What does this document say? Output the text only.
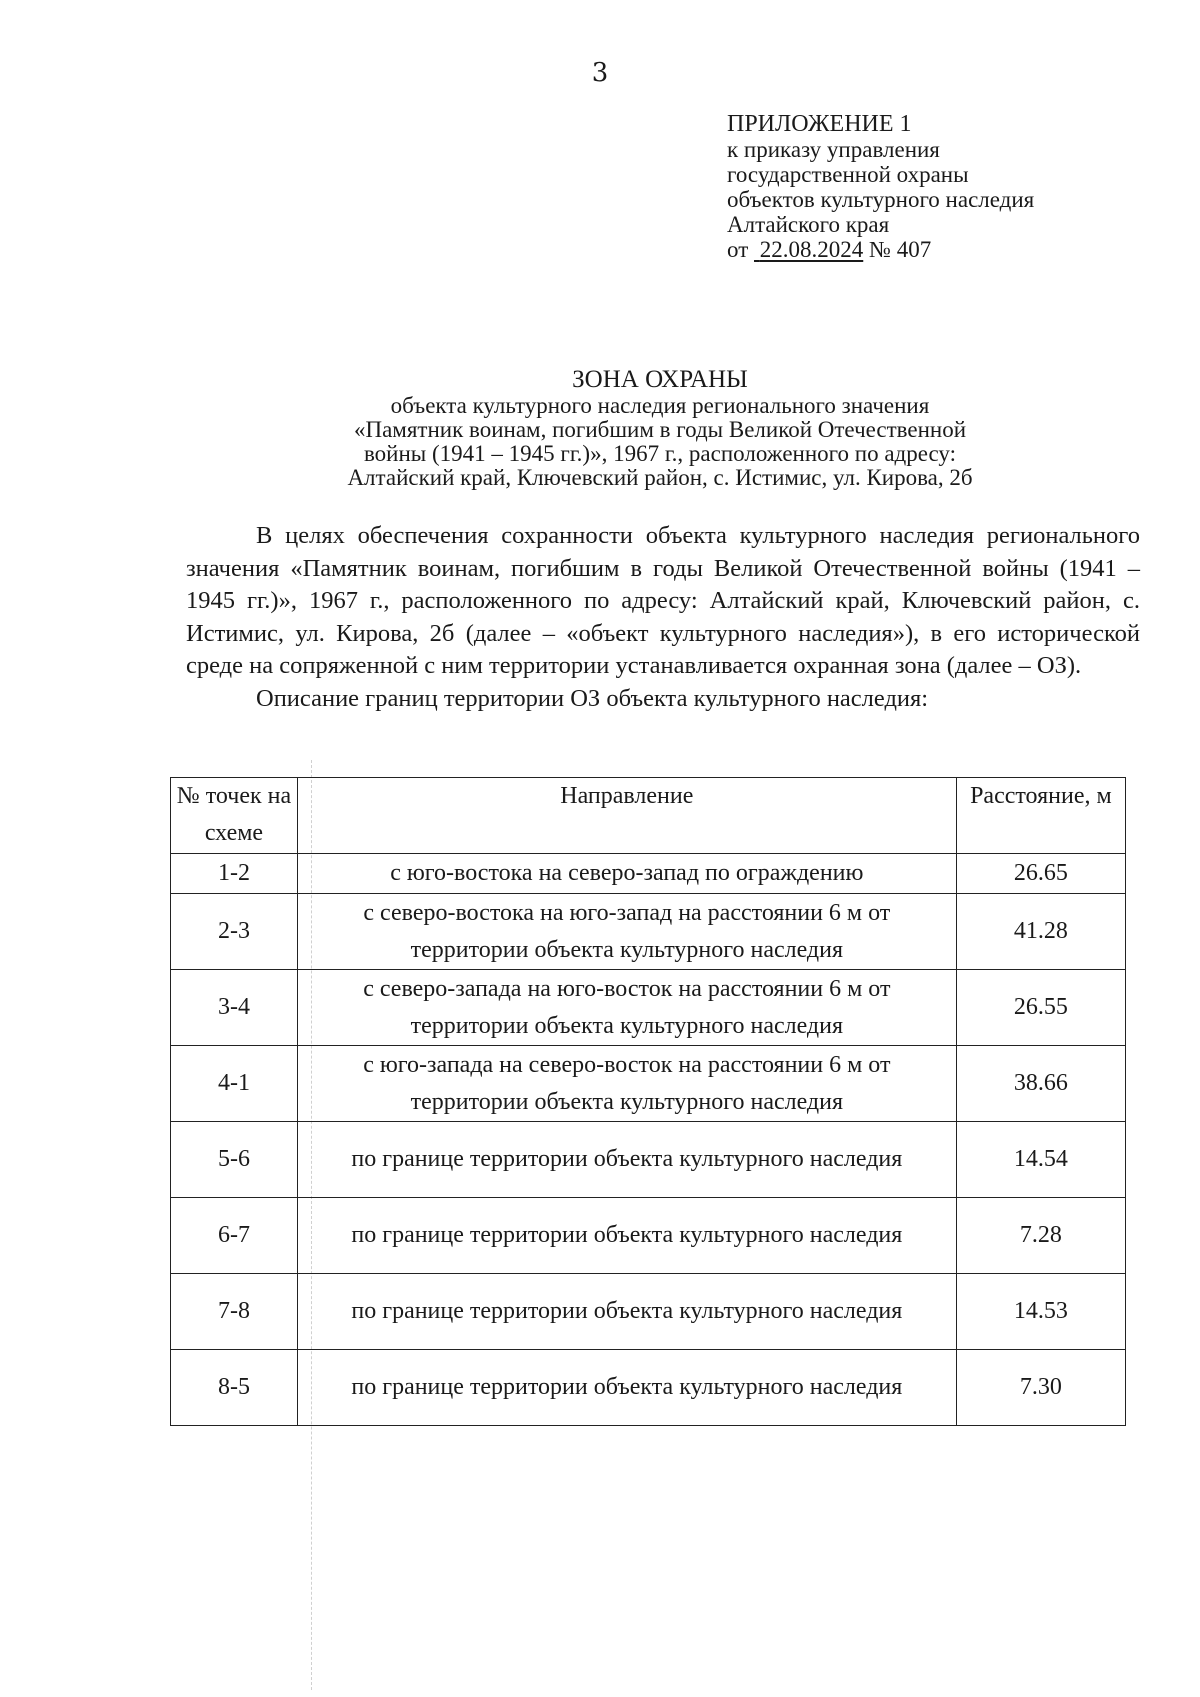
3
ПРИЛОЖЕНИЕ 1
к приказу управления
государственной охраны
объектов культурного наследия
Алтайского края
от 22.08.2024 № 407
ЗОНА ОХРАНЫ
объекта культурного наследия регионального значения
«Памятник воинам, погибшим в годы Великой Отечественной
войны (1941 – 1945 гг.)», 1967 г., расположенного по адресу:
Алтайский край, Ключевский район, с. Истимис, ул. Кирова, 2б

В целях обеспечения сохранности объекта культурного наследия регионального значения «Памятник воинам, погибшим в годы Великой Отечественной войны (1941 – 1945 гг.)», 1967 г., расположенного по адресу: Алтайский край, Ключевский район, с. Истимис, ул. Кирова, 2б (далее – «объект культурного наследия»), в его исторической среде на сопряженной с ним территории устанавливается охранная зона (далее – ОЗ).

Описание границ территории ОЗ объекта культурного наследия:

№ точек на схеме	Направление	Расстояние, м
1-2	с юго-востока на северо-запад по ограждению	26.65
2-3	с северо-востока на юго-запад на расстоянии 6 м от территории объекта культурного наследия	41.28
3-4	с северо-запада на юго-восток на расстоянии 6 м от территории объекта культурного наследия	26.55
4-1	с юго-запада на северо-восток на расстоянии 6 м от территории объекта культурного наследия	38.66
5-6	по границе территории объекта культурного наследия	14.54
6-7	по границе территории объекта культурного наследия	7.28
7-8	по границе территории объекта культурного наследия	14.53
8-5	по границе территории объекта культурного наследия	7.30
